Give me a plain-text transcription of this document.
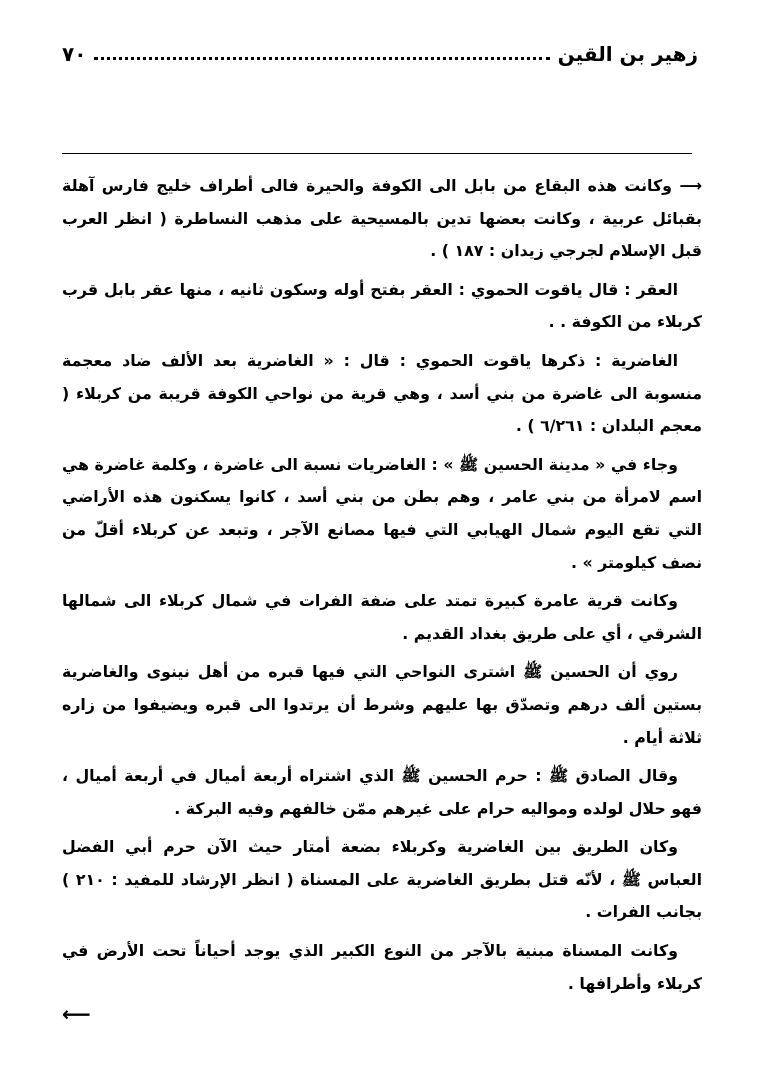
٧٠	زهير بن القين

⟶ وكانت هذه البقاع من بابل الى الكوفة والحيرة فالى أطراف خليج فارس آهلة بقبائل عربية ، وكانت بعضها تدين بالمسيحية على مذهب النساطرة ( انظر العرب قبل الإسلام لجرجي زيدان : ١٨٧ ) .

العقر : قال ياقوت الحموي : العقر بفتح أوله وسكون ثانيه ، منها عقر بابل قرب كربلاء من الكوفة . .

الغاضرية : ذكرها ياقوت الحموي : قال : « الغاضرية بعد الألف ضاد معجمة منسوبة الى غاضرة من بني أسد ، وهي قرية من نواحي الكوفة قريبة من كربلاء ( معجم البلدان : ٦/٢٦١ ) .

وجاء في « مدينة الحسين ﷺ » : الغاضريات نسبة الى غاضرة ، وكلمة غاضرة هي اسم لامرأة من بني عامر ، وهم بطن من بني أسد ، كانوا يسكنون هذه الأراضي التي تقع اليوم شمال الهيابي التي فيها مصانع الآجر ، وتبعد عن كربلاء أقلّ من نصف كيلومتر » .

وكانت قرية عامرة كبيرة تمتد على ضفة الفرات في شمال كربلاء الى شمالها الشرقي ، أي على طريق بغداد القديم .

روي أن الحسين ﷺ اشترى النواحي التي فيها قبره من أهل نينوى والغاضرية بستين ألف درهم وتصدّق بها عليهم وشرط أن يرتدوا الى قبره ويضيفوا من زاره ثلاثة أيام .

وقال الصادق ﷺ : حرم الحسين ﷺ الذي اشتراه أربعة أميال في أربعة أميال ، فهو حلال لولده ومواليه حرام على غيرهم ممّن خالفهم وفيه البركة .

وكان الطريق بين الغاضرية وكربلاء بضعة أمتار حيث الآن حرم أبي الفضل العباس ﷺ ، لأنّه قتل بطريق الغاضرية على المسناة ( انظر الإرشاد للمفيد : ٢١٠ ) بجانب الفرات .

وكانت المسناة مبنية بالآجر من النوع الكبير الذي يوجد أحياناً تحت الأرض في كربلاء وأطرافها .

⟵
